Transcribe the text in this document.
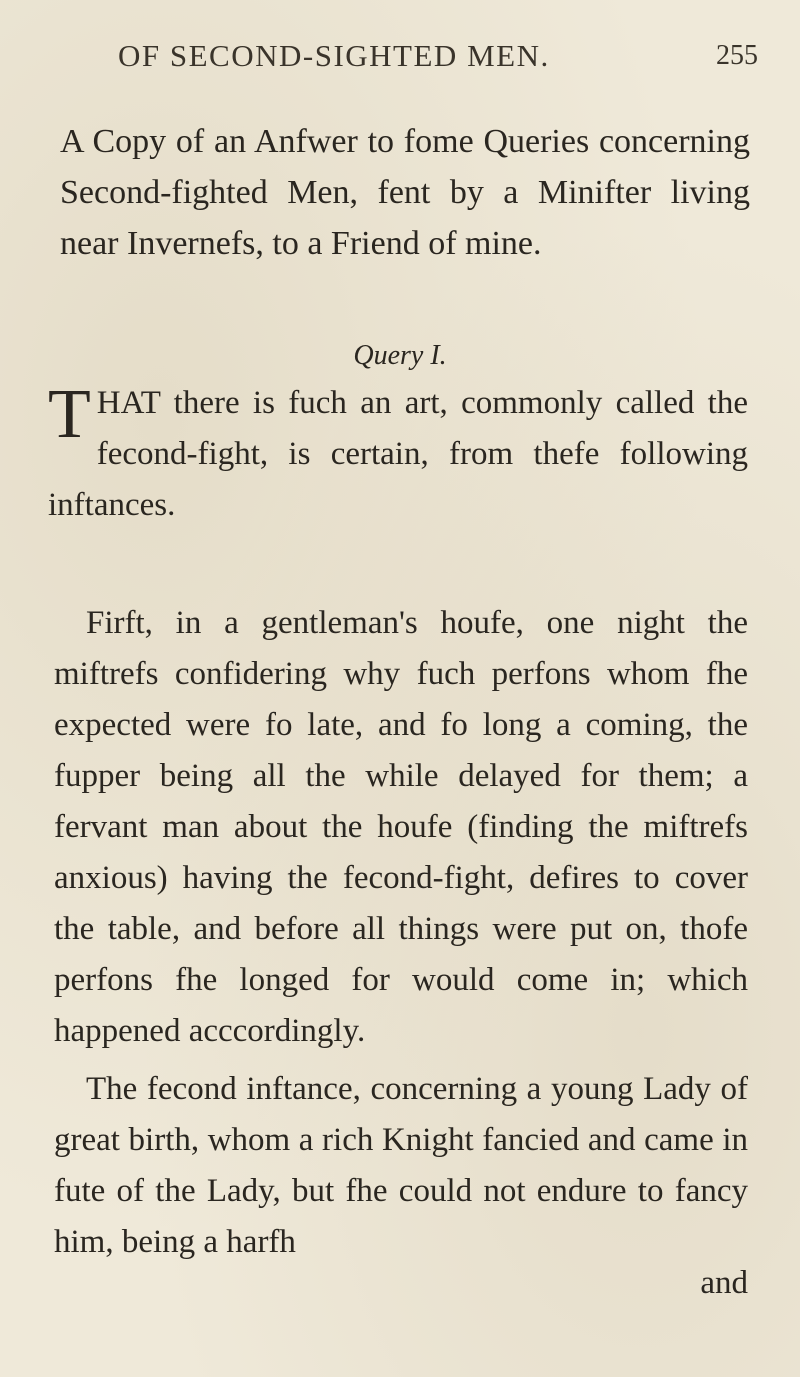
OF SECOND-SIGHTED MEN.	255
A Copy of an Anfwer to fome Queries concerning Second-fighted Men, fent by a Minifter living near Invernefs, to a Friend of mine.
Query I.
THAT there is fuch an art, commonly called the fecond-fight, is certain, from thefe following inftances.
Firft, in a gentleman's houfe, one night the miftrefs confidering why fuch perfons whom fhe expected were fo late, and fo long a coming, the fupper being all the while delayed for them; a fervant man about the houfe (finding the miftrefs anxious) having the fecond-fight, defires to cover the table, and before all things were put on, thofe perfons fhe longed for would come in; which happened acccordingly.
The fecond inftance, concerning a young Lady of great birth, whom a rich Knight fancied and came in fute of the Lady, but fhe could not endure to fancy him, being a harfh
and
